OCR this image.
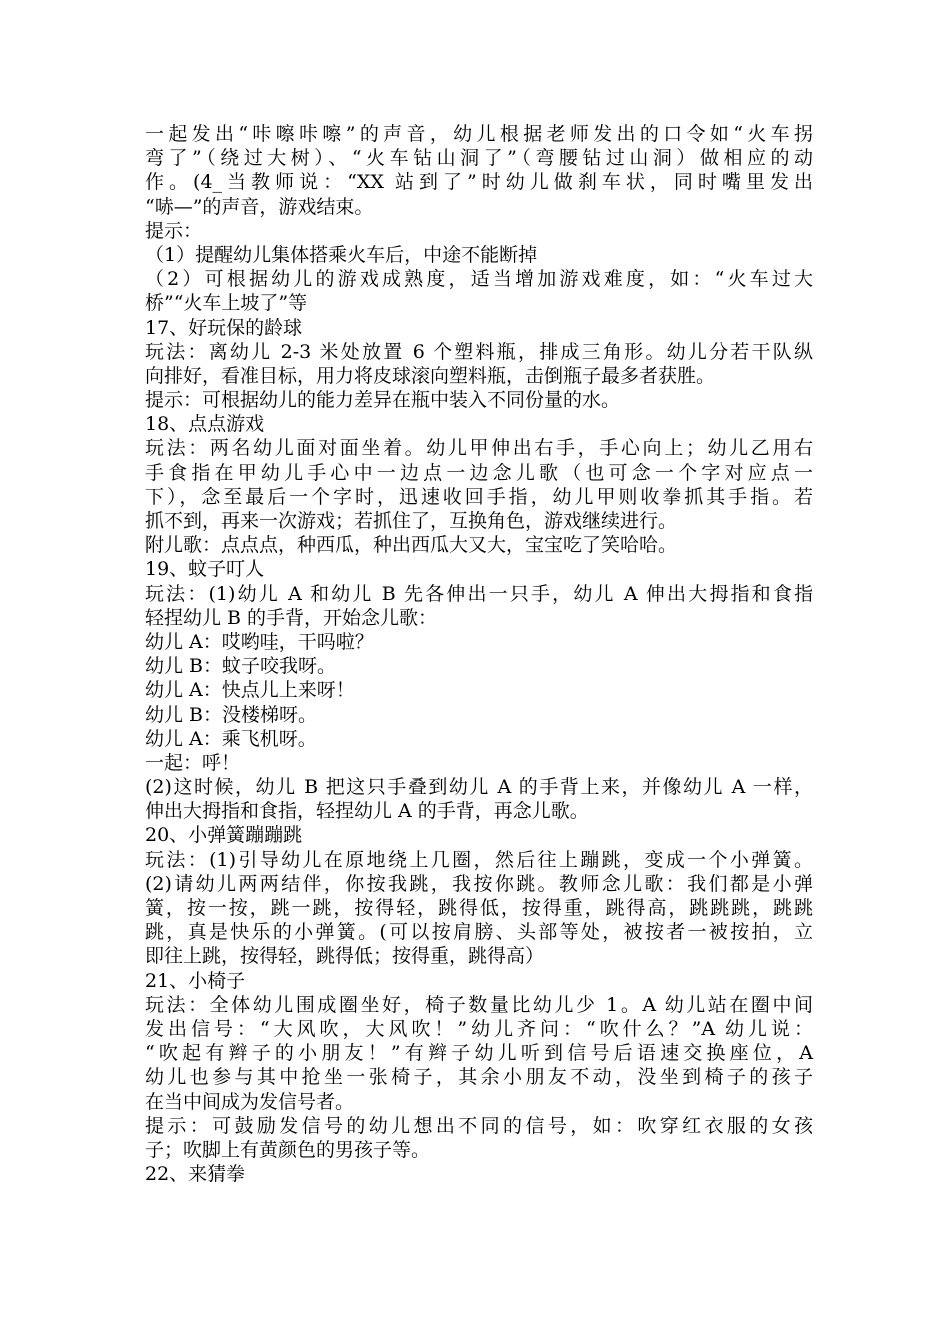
一起发出“咔嚓咔嚓”的声音，幼儿根据老师发出的口令如“火车拐
弯了”（绕过大树）、“火车钻山洞了”（弯腰钻过山洞）做相应的动
作。(4_当教师说：“XX 站到了”时幼儿做刹车状，同时嘴里发出
“哧—”的声音，游戏结束。
提示：
（1）提醒幼儿集体搭乘火车后，中途不能断掉
（2）可根据幼儿的游戏成熟度，适当增加游戏难度，如：“火车过大
桥”“火车上坡了”等
17、好玩保的龄球
玩法：离幼儿 2-3 米处放置 6 个塑料瓶，排成三角形。幼儿分若干队纵
向排好，看准目标，用力将皮球滚向塑料瓶，击倒瓶子最多者获胜。
提示：可根据幼儿的能力差异在瓶中装入不同份量的水。
18、点点游戏
玩法：两名幼儿面对面坐着。幼儿甲伸出右手，手心向上；幼儿乙用右
手食指在甲幼儿手心中一边点一边念儿歌（也可念一个字对应点一
下），念至最后一个字时，迅速收回手指，幼儿甲则收拳抓其手指。若
抓不到，再来一次游戏；若抓住了，互换角色，游戏继续进行。
附儿歌：点点点，种西瓜，种出西瓜大又大，宝宝吃了笑哈哈。
19、蚊子叮人
玩法：(1)幼儿 A 和幼儿 B 先各伸出一只手，幼儿 A 伸出大拇指和食指
轻捏幼儿 B 的手背，开始念儿歌：
幼儿 A：哎哟哇，干吗啦？
幼儿 B：蚊子咬我呀。
幼儿 A：快点儿上来呀！
幼儿 B：没楼梯呀。
幼儿 A：乘飞机呀。
一起：呼！
(2)这时候，幼儿 B 把这只手叠到幼儿 A 的手背上来，并像幼儿 A 一样，
伸出大拇指和食指，轻捏幼儿 A 的手背，再念儿歌。
20、小弹簧蹦蹦跳
玩法：(1)引导幼儿在原地绕上几圈，然后往上蹦跳，变成一个小弹簧。
(2)请幼儿两两结伴，你按我跳，我按你跳。教师念儿歌：我们都是小弹
簧，按一按，跳一跳，按得轻，跳得低，按得重，跳得高，跳跳跳，跳跳
跳，真是快乐的小弹簧。(可以按肩膀、头部等处，被按者一被按拍，立
即往上跳，按得轻，跳得低；按得重，跳得高）
21、小椅子
玩法：全体幼儿围成圈坐好，椅子数量比幼儿少 1。A 幼儿站在圈中间
发出信号：“大风吹，大风吹！”幼儿齐问：“吹什么？”A 幼儿说：
“吹起有辫子的小朋友！”有辫子幼儿听到信号后语速交换座位，A
幼儿也参与其中抢坐一张椅子，其余小朋友不动，没坐到椅子的孩子
在当中间成为发信号者。
提示：可鼓励发信号的幼儿想出不同的信号，如：吹穿红衣服的女孩
子；吹脚上有黄颜色的男孩子等。
22、来猜拳
